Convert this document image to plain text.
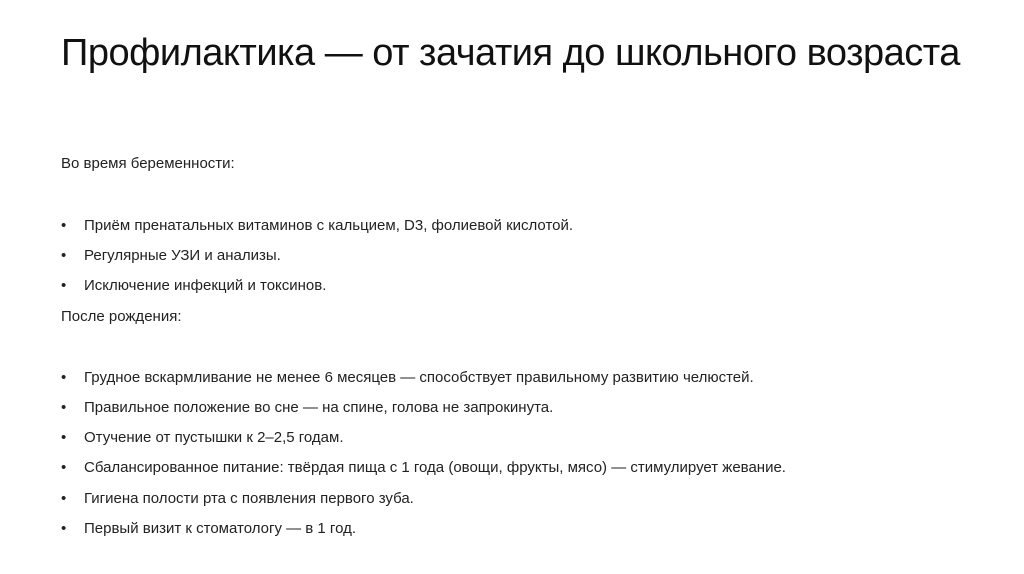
Профилактика — от зачатия до школьного возраста
Во время беременности:
• Приём пренатальных витаминов с кальцием, D3, фолиевой кислотой.
• Регулярные УЗИ и анализы.
• Исключение инфекций и токсинов.
После рождения:
• Грудное вскармливание не менее 6 месяцев — способствует правильному развитию челюстей.
• Правильное положение во сне — на спине, голова не запрокинута.
• Отучение от пустышки к 2–2,5 годам.
• Сбалансированное питание: твёрдая пища с 1 года (овощи, фрукты, мясо) — стимулирует жевание.
• Гигиена полости рта с появления первого зуба.
• Первый визит к стоматологу — в 1 год.
